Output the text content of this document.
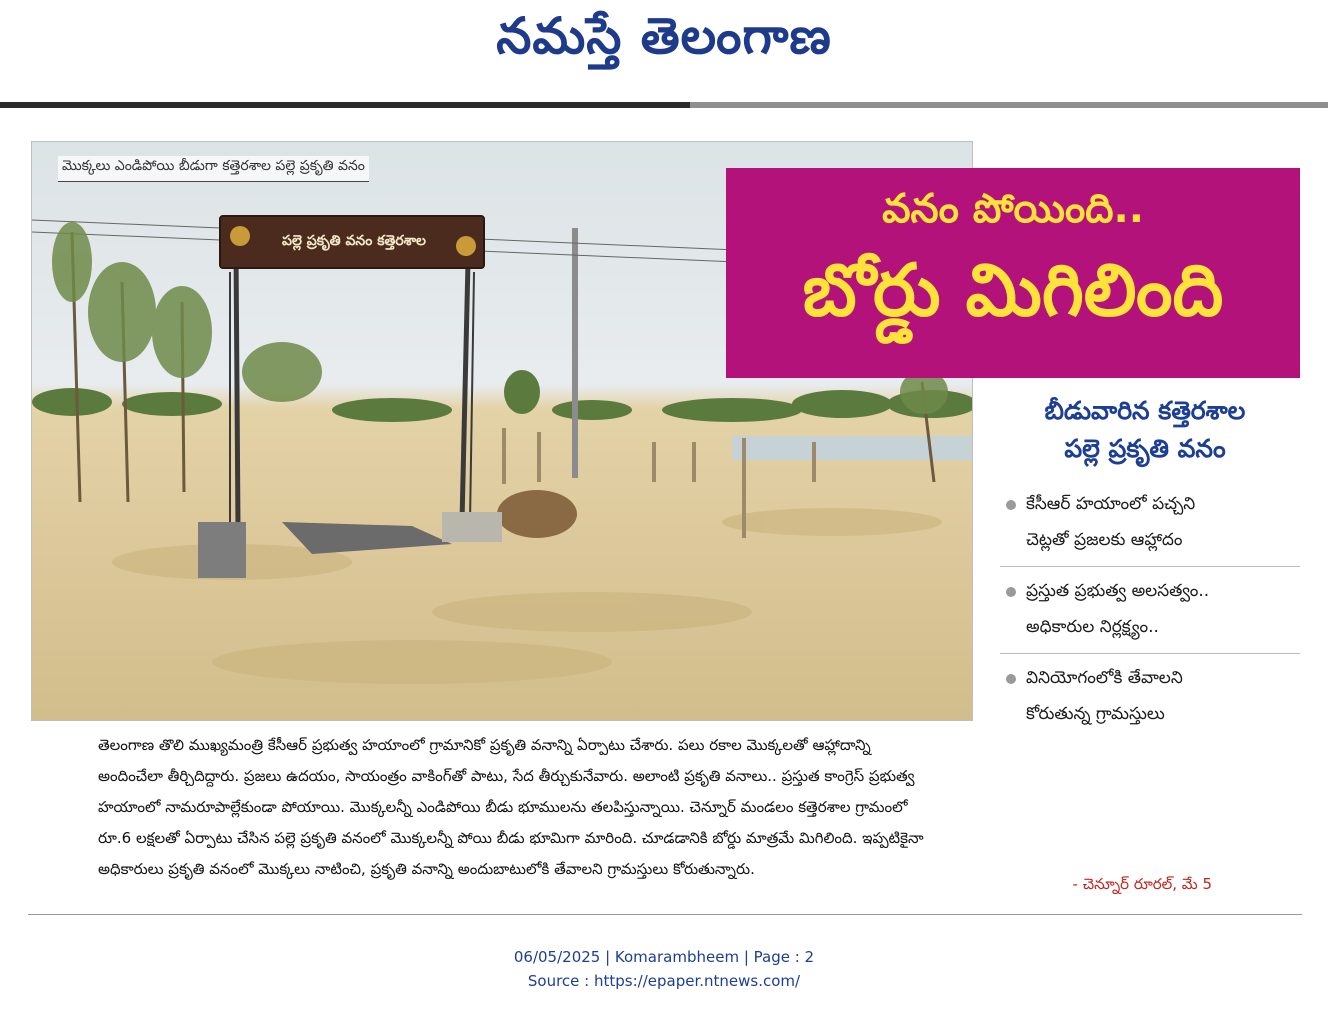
నమస్తే తెలంగాణ
పల్లె ప్రకృతి వనం కత్తెరశాల
మొక్కలు ఎండిపోయి బీడుగా కత్తెరశాల పల్లె ప్రకృతి వనం
వనం పోయింది..
బోర్డు మిగిలింది
బీడువారిన కత్తెరశాల
పల్లె ప్రకృతి వనం
కేసీఆర్ హయాంలో పచ్చని
చెట్లతో ప్రజలకు ఆహ్లాదం
ప్రస్తుత ప్రభుత్వ అలసత్వం..
అధికారుల నిర్లక్ష్యం..
వినియోగంలోకి తేవాలని
కోరుతున్న గ్రామస్తులు
తెలంగాణ తొలి ముఖ్యమంత్రి కేసీఆర్ ప్రభుత్వ హయాంలో గ్రామానికో ప్రకృతి వనాన్ని ఏర్పాటు చేశారు. పలు రకాల మొక్కలతో ఆహ్లాదాన్ని
అందించేలా తీర్చిదిద్దారు. ప్రజలు ఉదయం, సాయంత్రం వాకింగ్‌తో పాటు, సేద తీర్చుకునేవారు. అలాంటి ప్రకృతి వనాలు.. ప్రస్తుత కాంగ్రెస్ ప్రభుత్వ
హయాంలో నామరూపాల్లేకుండా పోయాయి. మొక్కలన్నీ ఎండిపోయి బీడు భూములను తలపిస్తున్నాయి. చెన్నూర్ మండలం కత్తెరశాల గ్రామంలో
రూ.6 లక్షలతో ఏర్పాటు చేసిన పల్లె ప్రకృతి వనంలో మొక్కలన్నీ పోయి బీడు భూమిగా మారింది. చూడడానికి బోర్డు మాత్రమే మిగిలింది. ఇప్పటికైనా
అధికారులు ప్రకృతి వనంలో మొక్కలు నాటించి, ప్రకృతి వనాన్ని అందుబాటులోకి తేవాలని గ్రామస్తులు కోరుతున్నారు.
- చెన్నూర్ రూరల్, మే 5
06/05/2025 | Komarambheem | Page : 2
Source : https://epaper.ntnews.com/
